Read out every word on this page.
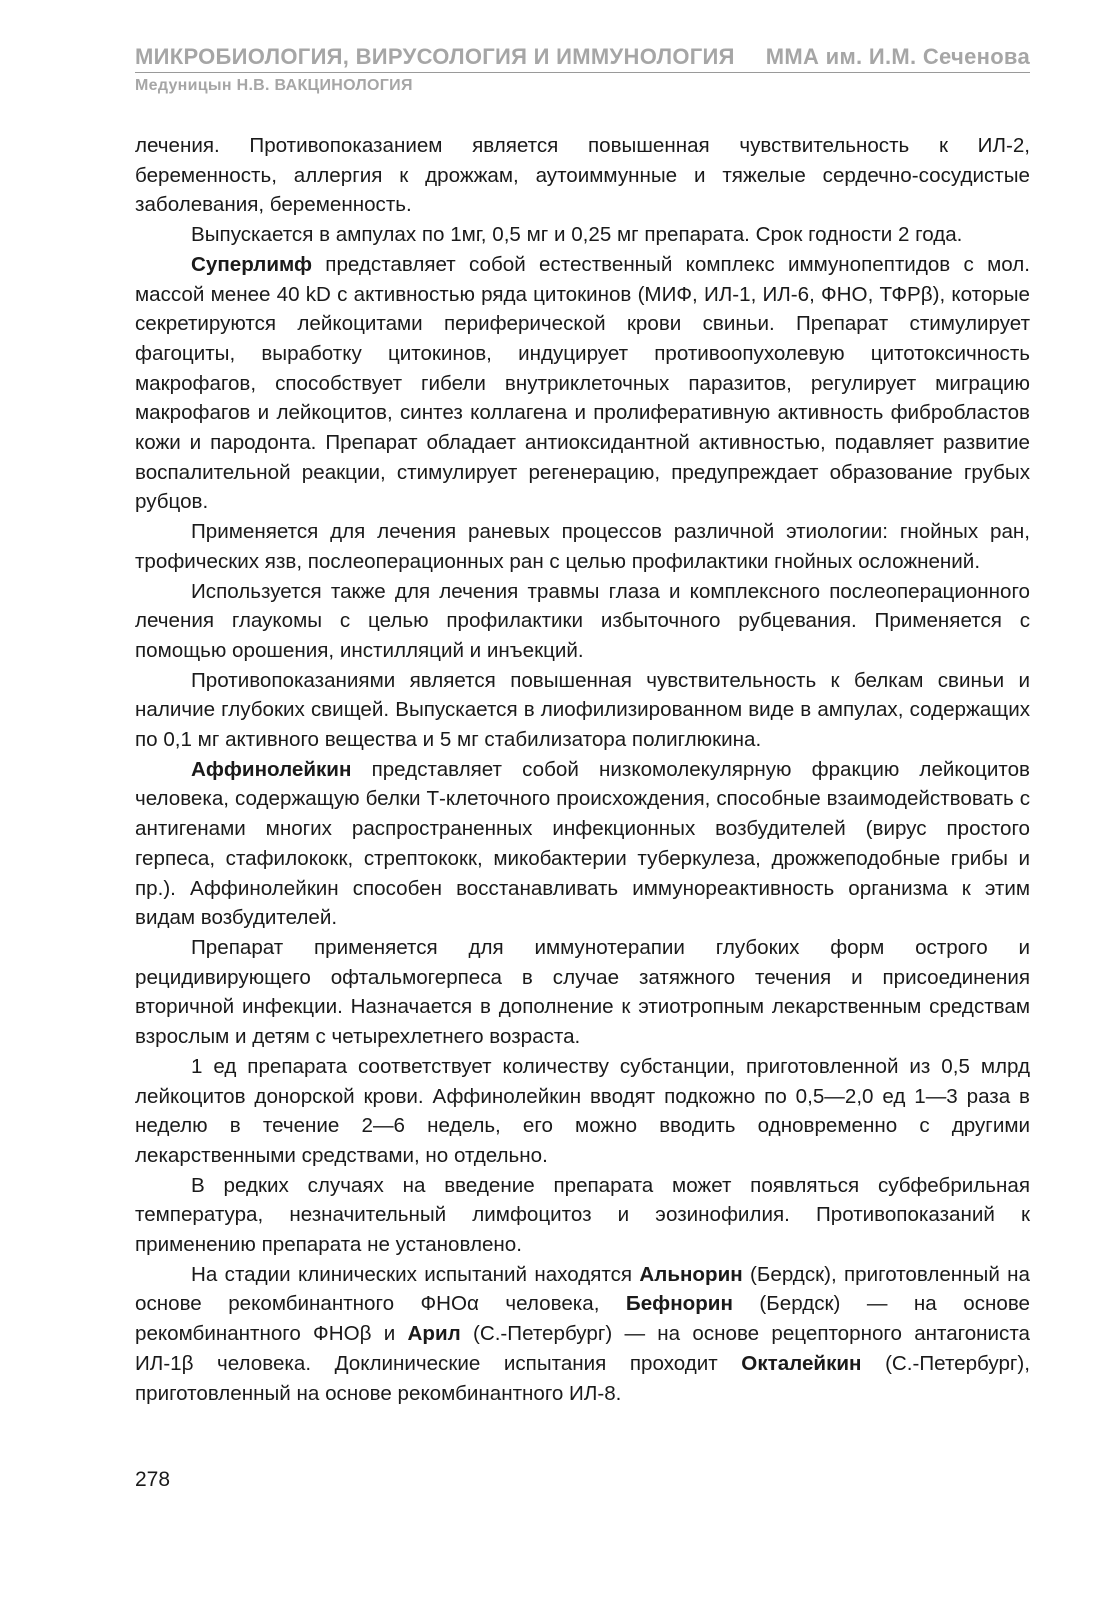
МИКРОБИОЛОГИЯ, ВИРУСОЛОГИЯ И ИММУНОЛОГИЯ ММА им. И.М. Сеченова
Медуницын Н.В. ВАКЦИНОЛОГИЯ

лечения. Противопоказанием является повышенная чувствительность к ИЛ-2, беременность, аллергия к дрожжам, аутоиммунные и тяжелые сердечно-сосудистые заболевания, беременность.

Выпускается в ампулах по 1мг, 0,5 мг и 0,25 мг препарата. Срок годности 2 года.

Суперлимф представляет собой естественный комплекс иммунопептидов с мол. массой менее 40 kD с активностью ряда цитокинов (МИФ, ИЛ-1, ИЛ-6, ФНО, ТФРβ), которые секретируются лейкоцитами периферической крови свиньи. Препарат стимулирует фагоциты, выработку цитокинов, индуцирует противоопухолевую цитотоксичность макрофагов, способствует гибели внутриклеточных паразитов, регулирует миграцию макрофагов и лейкоцитов, синтез коллагена и пролиферативную активность фибробластов кожи и пародонта. Препарат обладает антиоксидантной активностью, подавляет развитие воспалительной реакции, стимулирует регенерацию, предупреждает образование грубых рубцов.

Применяется для лечения раневых процессов различной этиологии: гнойных ран, трофических язв, послеоперационных ран с целью профилактики гнойных осложнений.

Используется также для лечения травмы глаза и комплексного послеоперационного лечения глаукомы с целью профилактики избыточного рубцевания. Применяется с помощью орошения, инстилляций и инъекций.

Противопоказаниями является повышенная чувствительность к белкам свиньи и наличие глубоких свищей. Выпускается в лиофилизированном виде в ампулах, содержащих по 0,1 мг активного вещества и 5 мг стабилизатора полиглюкина.

Аффинолейкин представляет собой низкомолекулярную фракцию лейкоцитов человека, содержащую белки Т-клеточного происхождения, способные взаимодействовать с антигенами многих распространенных инфекционных возбудителей (вирус простого герпеса, стафилококк, стрептококк, микобактерии туберкулеза, дрожжеподобные грибы и пр.). Аффинолейкин способен восстанавливать иммунореактивность организма к этим видам возбудителей.

Препарат применяется для иммунотерапии глубоких форм острого и рецидивирующего офтальмогерпеса в случае затяжного течения и присоединения вторичной инфекции. Назначается в дополнение к этиотропным лекарственным средствам взрослым и детям с четырехлетнего возраста.

1 ед препарата соответствует количеству субстанции, приготовленной из 0,5 млрд лейкоцитов донорской крови. Аффинолейкин вводят подкожно по 0,5—2,0 ед 1—3 раза в неделю в течение 2—6 недель, его можно вводить одновременно с другими лекарственными средствами, но отдельно.

В редких случаях на введение препарата может появляться субфебрильная температура, незначительный лимфоцитоз и эозинофилия. Противопоказаний к применению препарата не установлено.

На стадии клинических испытаний находятся Альнорин (Бердск), приготовленный на основе рекомбинантного ФНОα человека, Бефнорин (Бердск) — на основе рекомбинантного ФНОβ и Арил (С.-Петербург) — на основе рецепторного антагониста ИЛ-1β человека. Доклинические испытания проходит Окталейкин (С.-Петербург), приготовленный на основе рекомбинантного ИЛ-8.

278
